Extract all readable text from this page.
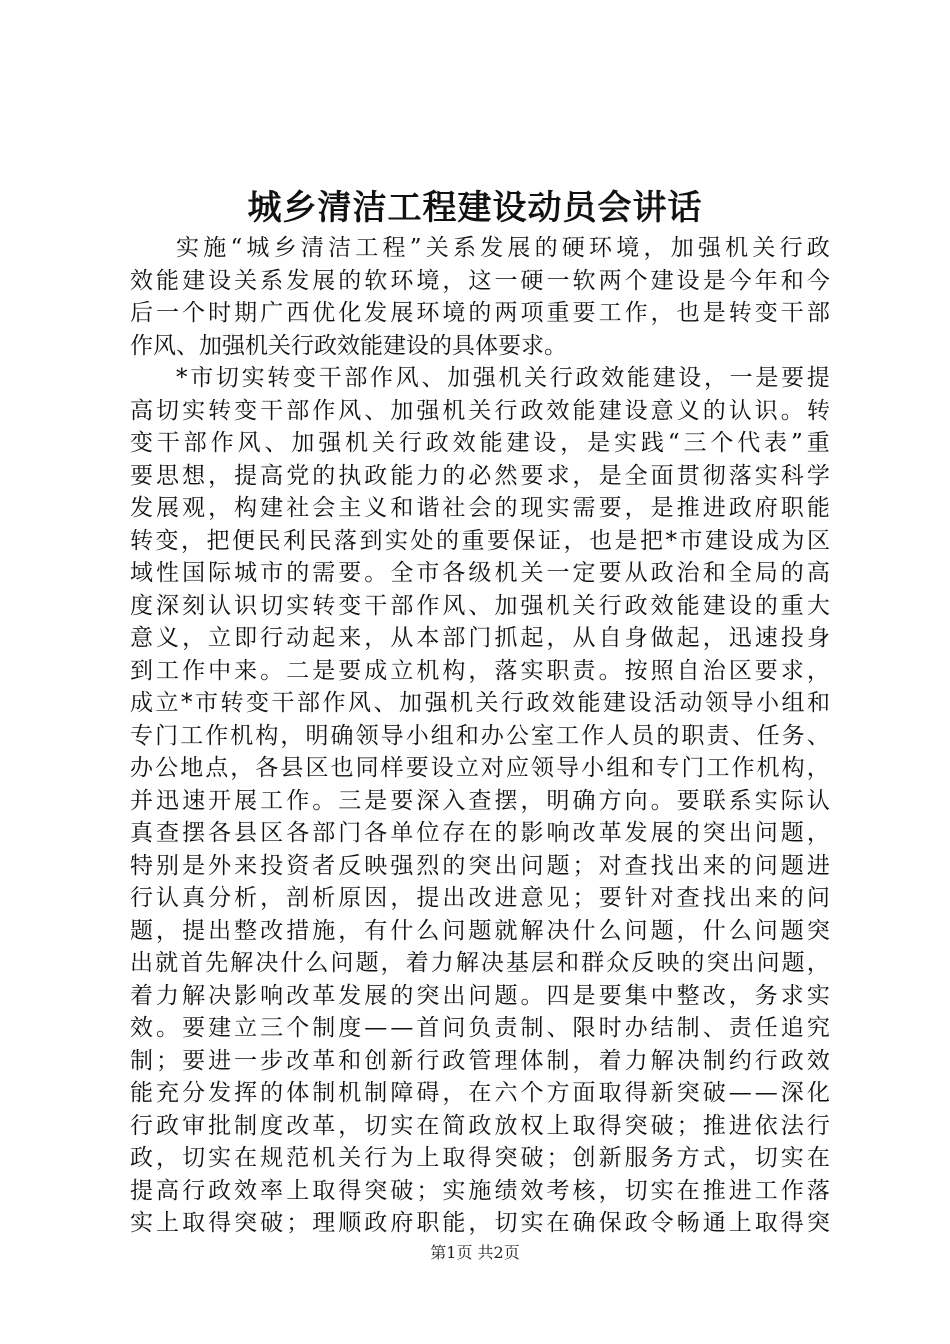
城乡清洁工程建设动员会讲话
实 施 “ 城 乡 清 洁 工 程 ” 关 系 发 展 的 硬 环 境 ， 加 强 机 关 行 政
效 能 建 设 关 系 发 展 的 软 环 境 ， 这 一 硬 一 软 两 个 建 设 是 今 年 和 今
后 一 个 时 期 广 西 优 化 发 展 环 境 的 两 项 重 要 工 作 ， 也 是 转 变 干 部
作 风 、 加 强 机 关 行 政 效 能 建 设 的 具 体 要 求 。
* 市 切 实 转 变 干 部 作 风 、 加 强 机 关 行 政 效 能 建 设 ， 一 是 要 提
高 切 实 转 变 干 部 作 风 、 加 强 机 关 行 政 效 能 建 设 意 义 的 认 识 。 转
变 干 部 作 风 、 加 强 机 关 行 政 效 能 建 设 ， 是 实 践 “ 三 个 代 表 ” 重
要 思 想 ， 提 高 党 的 执 政 能 力 的 必 然 要 求 ， 是 全 面 贯 彻 落 实 科 学
发 展 观 ， 构 建 社 会 主 义 和 谐 社 会 的 现 实 需 要 ， 是 推 进 政 府 职 能
转 变 ， 把 便 民 利 民 落 到 实 处 的 重 要 保 证 ， 也 是 把 * 市 建 设 成 为 区
域 性 国 际 城 市 的 需 要 。 全 市 各 级 机 关 一 定 要 从 政 治 和 全 局 的 高
度 深 刻 认 识 切 实 转 变 干 部 作 风 、 加 强 机 关 行 政 效 能 建 设 的 重 大
意 义 ， 立 即 行 动 起 来 ， 从 本 部 门 抓 起 ， 从 自 身 做 起 ， 迅 速 投 身
到 工 作 中 来 。 二 是 要 成 立 机 构 ， 落 实 职 责 。 按 照 自 治 区 要 求 ，
成 立 * 市 转 变 干 部 作 风 、 加 强 机 关 行 政 效 能 建 设 活 动 领 导 小 组 和
专 门 工 作 机 构 ， 明 确 领 导 小 组 和 办 公 室 工 作 人 员 的 职 责 、 任 务 、
办 公 地 点 ， 各 县 区 也 同 样 要 设 立 对 应 领 导 小 组 和 专 门 工 作 机 构 ，
并 迅 速 开 展 工 作 。 三 是 要 深 入 查 摆 ， 明 确 方 向 。 要 联 系 实 际 认
真 查 摆 各 县 区 各 部 门 各 单 位 存 在 的 影 响 改 革 发 展 的 突 出 问 题 ，
特 别 是 外 来 投 资 者 反 映 强 烈 的 突 出 问 题 ； 对 查 找 出 来 的 问 题 进
行 认 真 分 析 ， 剖 析 原 因 ， 提 出 改 进 意 见 ； 要 针 对 查 找 出 来 的 问
题 ， 提 出 整 改 措 施 ， 有 什 么 问 题 就 解 决 什 么 问 题 ， 什 么 问 题 突
出 就 首 先 解 决 什 么 问 题 ， 着 力 解 决 基 层 和 群 众 反 映 的 突 出 问 题 ，
着 力 解 决 影 响 改 革 发 展 的 突 出 问 题 。 四 是 要 集 中 整 改 ， 务 求 实
效 。 要 建 立 三 个 制 度 — — 首 问 负 责 制 、 限 时 办 结 制 、 责 任 追 究
制 ； 要 进 一 步 改 革 和 创 新 行 政 管 理 体 制 ， 着 力 解 决 制 约 行 政 效
能 充 分 发 挥 的 体 制 机 制 障 碍 ， 在 六 个 方 面 取 得 新 突 破 — — 深 化
行 政 审 批 制 度 改 革 ， 切 实 在 简 政 放 权 上 取 得 突 破 ； 推 进 依 法 行
政 ， 切 实 在 规 范 机 关 行 为 上 取 得 突 破 ； 创 新 服 务 方 式 ， 切 实 在
提 高 行 政 效 率 上 取 得 突 破 ； 实 施 绩 效 考 核 ， 切 实 在 推 进 工 作 落
实 上 取 得 突 破 ； 理 顺 政 府 职 能 ， 切 实 在 确 保 政 令 畅 通 上 取 得 突
第1页 共2页
